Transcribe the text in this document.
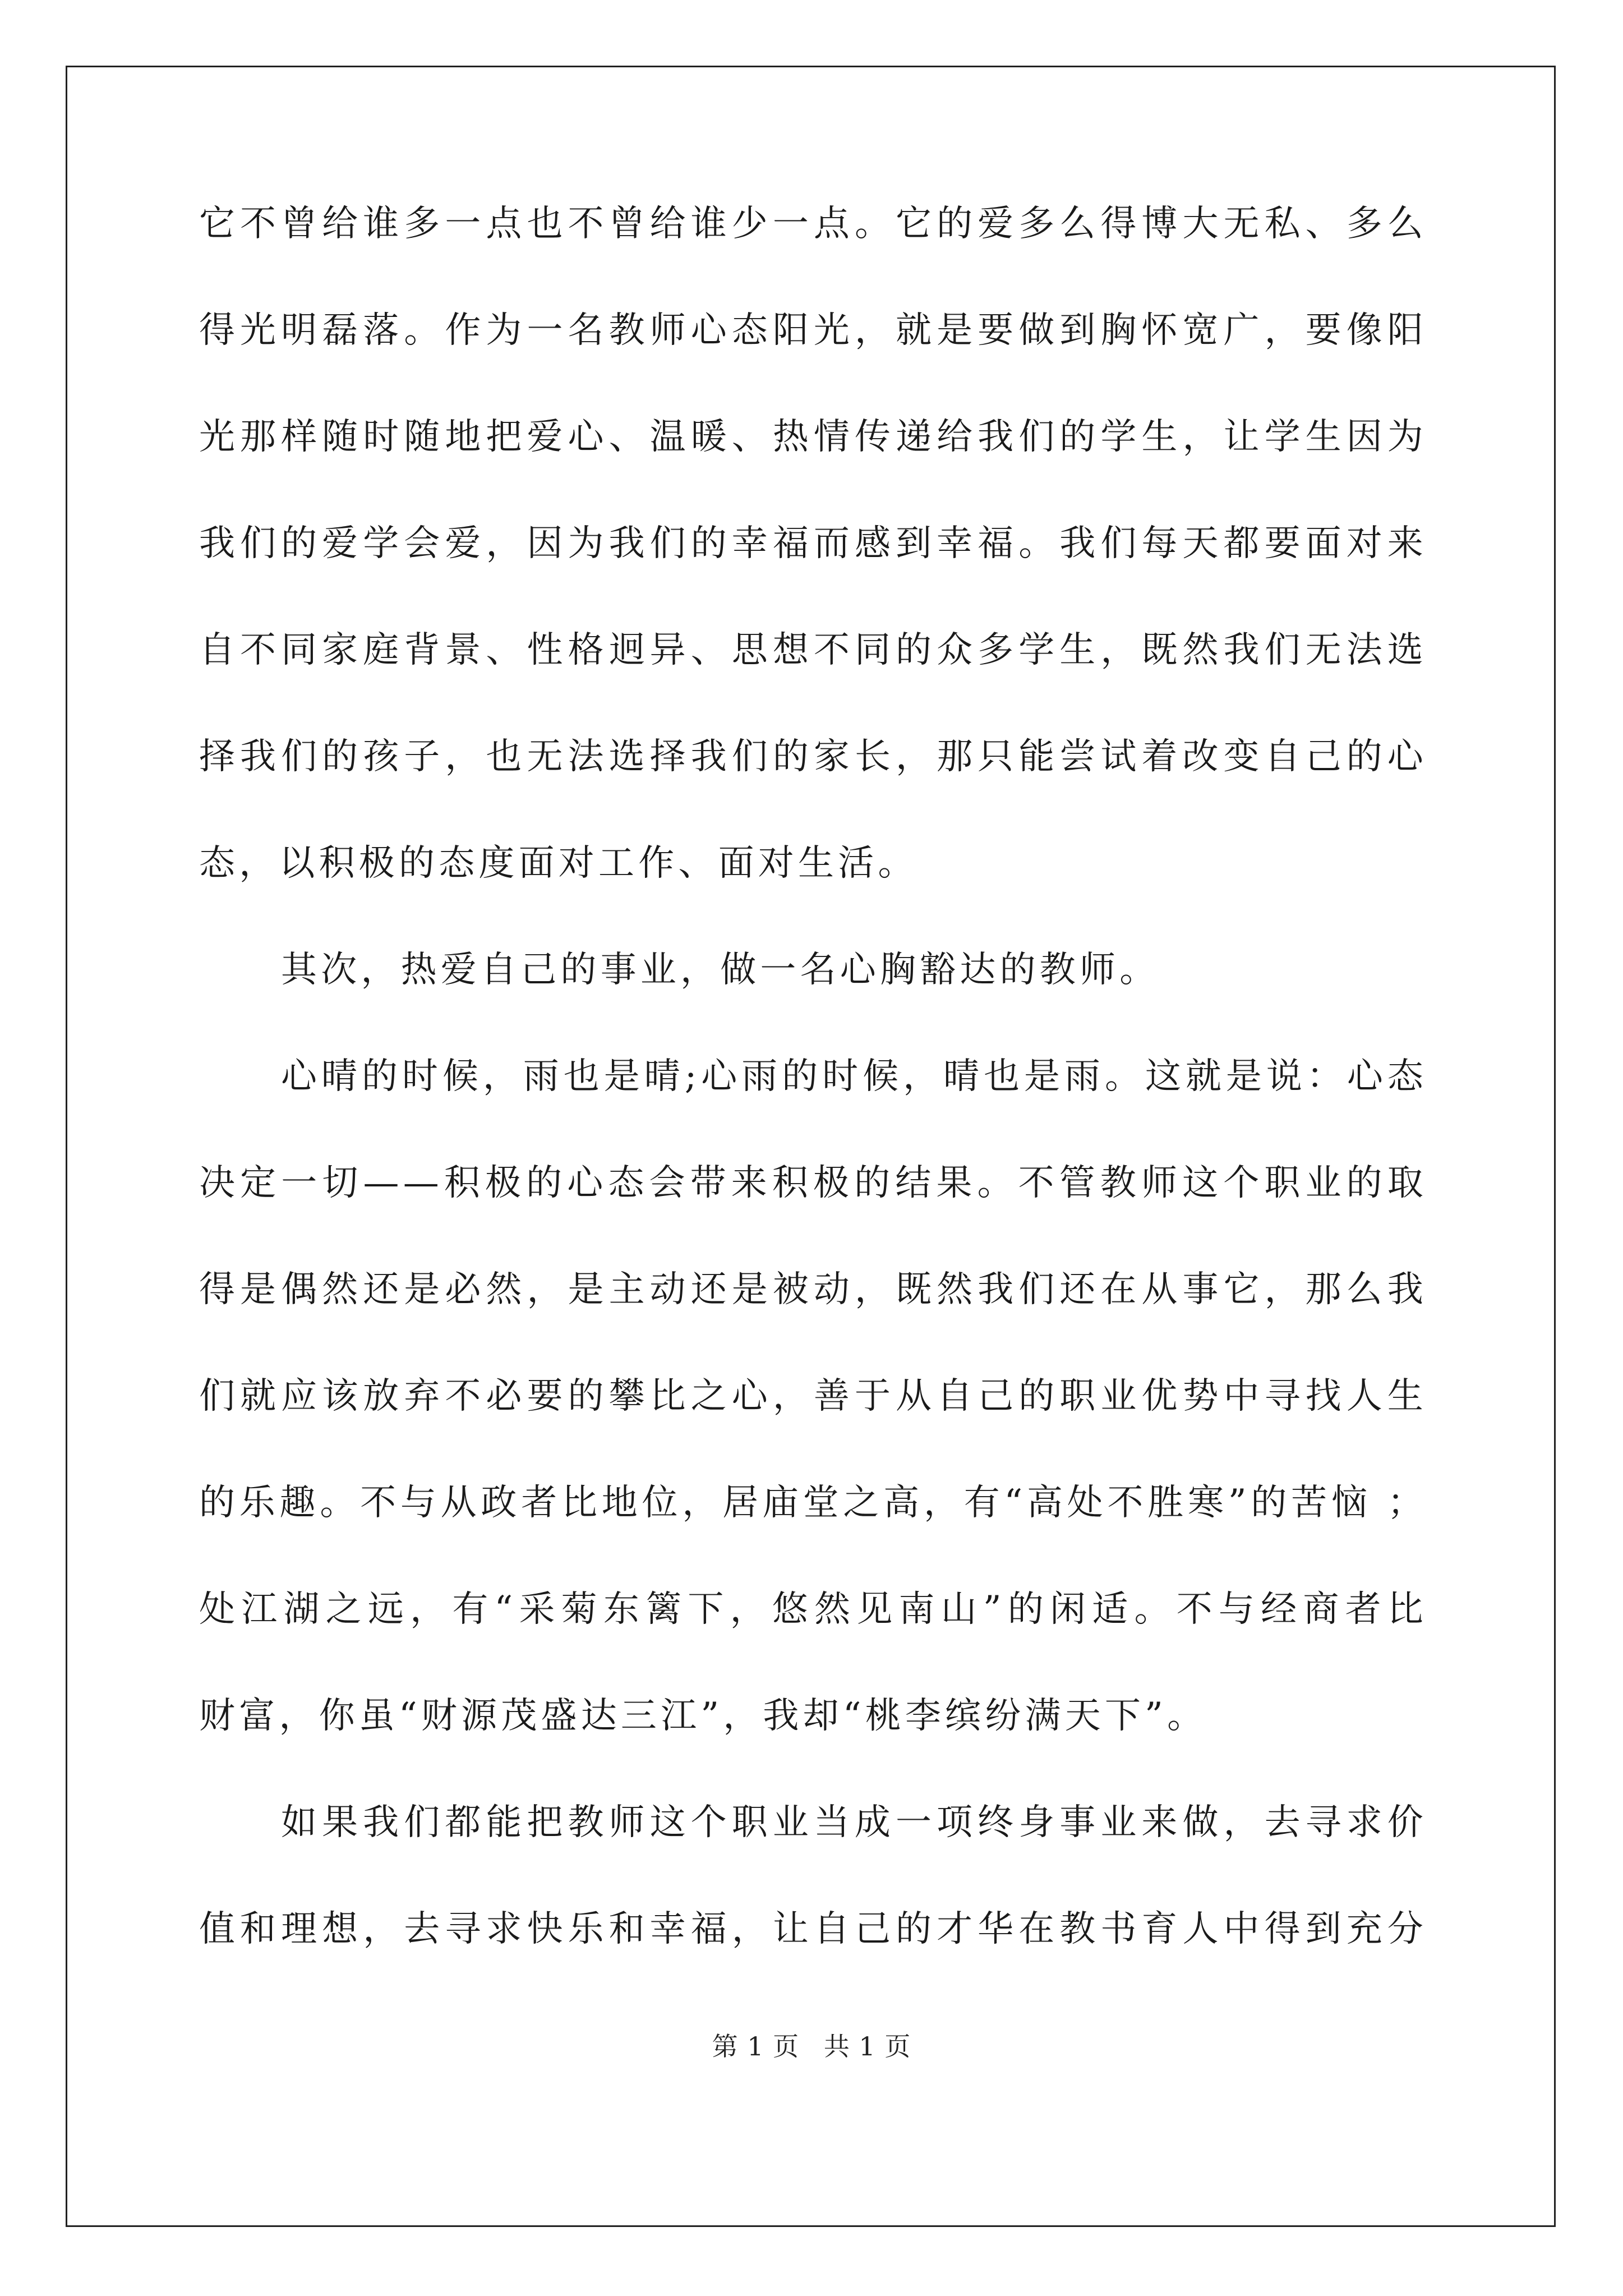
它不曾给谁多一点也不曾给谁少一点。它的爱多么得博大无私、多么
得光明磊落。作为一名教师心态阳光，就是要做到胸怀宽广，要像阳
光那样随时随地把爱心、温暖、热情传递给我们的学生，让学生因为
我们的爱学会爱，因为我们的幸福而感到幸福。我们每天都要面对来
自不同家庭背景、性格迥异、思想不同的众多学生，既然我们无法选
择我们的孩子，也无法选择我们的家长，那只能尝试着改变自己的心
态，以积极的态度面对工作、面对生活。
其次，热爱自己的事业，做一名心胸豁达的教师。
心晴的时候，雨也是晴;心雨的时候，晴也是雨。这就是说：心态
决定一切——积极的心态会带来积极的结果。不管教师这个职业的取
得是偶然还是必然，是主动还是被动，既然我们还在从事它，那么我
们就应该放弃不必要的攀比之心，善于从自己的职业优势中寻找人生
的乐趣。不与从政者比地位，居庙堂之高，有“高处不胜寒”的苦恼 ；
处江湖之远，有“采菊东篱下，悠然见南山”的闲适。不与经商者比
财富，你虽“财源茂盛达三江”，我却“桃李缤纷满天下”。
如果我们都能把教师这个职业当成一项终身事业来做，去寻求价
值和理想，去寻求快乐和幸福，让自己的才华在教书育人中得到充分
第 1 页 共 1 页
